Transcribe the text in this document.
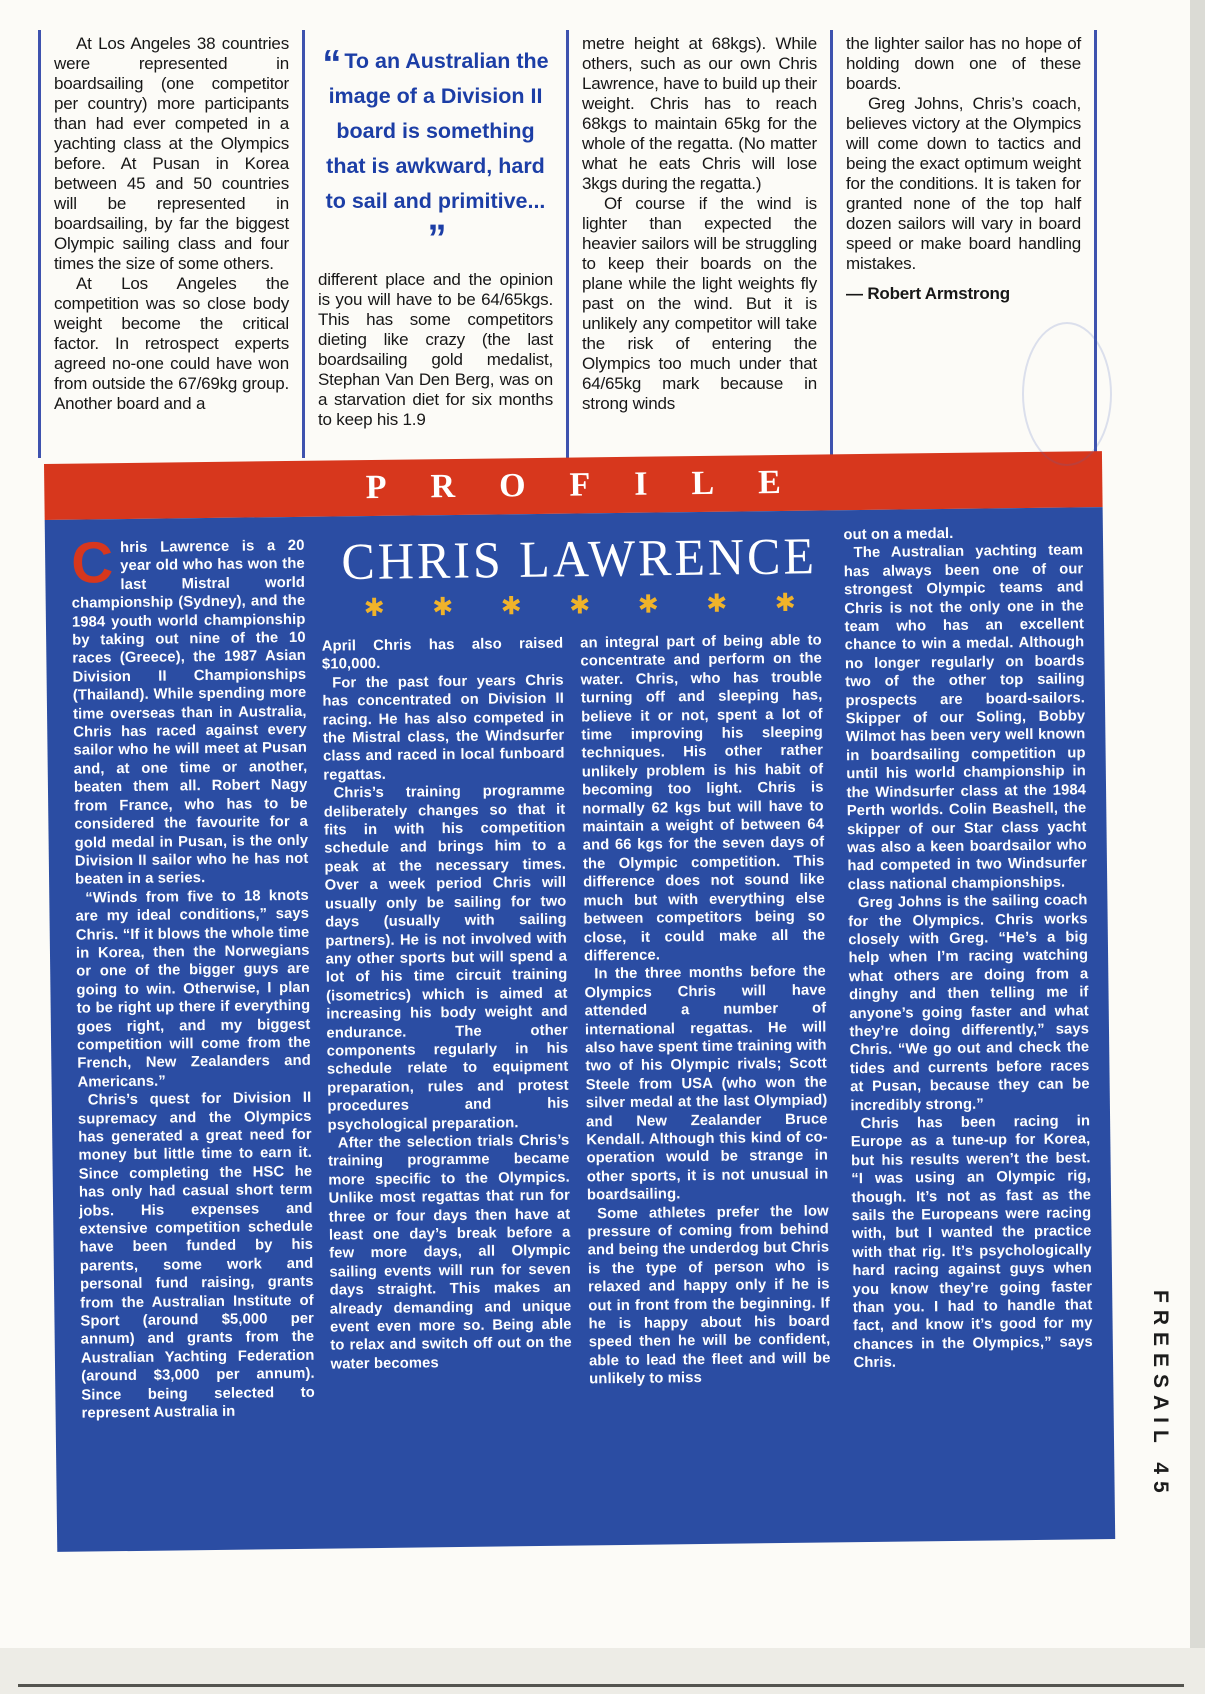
At Los Angeles 38 countries were represented in boardsailing (one competitor per country) more participants than had ever competed in a yachting class at the Olympics before. At Pusan in Korea between 45 and 50 countries will be represented in boardsailing, by far the biggest Olympic sailing class and four times the size of some others.

At Los Angeles the competition was so close body weight become the critical factor. In retrospect experts agreed no-one could have won from outside the 67/69kg group. Another board and a

“ To an Australian the image of a Division II board is something that is awkward, hard to sail and primitive... ”

different place and the opinion is you will have to be 64/65kgs. This has some competitors dieting like crazy (the last boardsailing gold medalist, Stephan Van Den Berg, was on a starvation diet for six months to keep his 1.9

metre height at 68kgs). While others, such as our own Chris Lawrence, have to build up their weight. Chris has to reach 68kgs to maintain 65kg for the whole of the regatta. (No matter what he eats Chris will lose 3kgs during the regatta.)

Of course if the wind is lighter than expected the heavier sailors will be struggling to keep their boards on the plane while the light weights fly past on the wind. But it is unlikely any competitor will take the risk of entering the Olympics too much under that 64/65kg mark because in strong winds

the lighter sailor has no hope of holding down one of these boards.

Greg Johns, Chris’s coach, believes victory at the Olympics will come down to tactics and being the exact optimum weight for the conditions. It is taken for granted none of the top half dozen sailors will vary in board speed or make board handling mistakes.

— Robert Armstrong

PROFILE

Chris Lawrence is a 20 year old who has won the last Mistral world championship (Sydney), and the 1984 youth world championship by taking out nine of the 10 races (Greece), the 1987 Asian Division II Championships (Thailand). While spending more time overseas than in Australia, Chris has raced against every sailor who he will meet at Pusan and, at one time or another, beaten them all. Robert Nagy from France, who has to be considered the favourite for a gold medal in Pusan, is the only Division II sailor who he has not beaten in a series.

“Winds from five to 18 knots are my ideal conditions,” says Chris. “If it blows the whole time in Korea, then the Norwegians or one of the bigger guys are going to win. Otherwise, I plan to be right up there if everything goes right, and my biggest competition will come from the French, New Zealanders and Americans.”

Chris’s quest for Division II supremacy and the Olympics has generated a great need for money but little time to earn it. Since completing the HSC he has only had casual short term jobs. His expenses and extensive competition schedule have been funded by his parents, some work and personal fund raising, grants from the Australian Institute of Sport (around $5,000 per annum) and grants from the Australian Yachting Federation (around $3,000 per annum). Since being selected to represent Australia in

CHRIS LAWRENCE
✱ ✱ ✱ ✱ ✱ ✱ ✱

April Chris has also raised $10,000.

For the past four years Chris has concentrated on Division II racing. He has also competed in the Mistral class, the Windsurfer class and raced in local funboard regattas.

Chris’s training programme deliberately changes so that it fits in with his competition schedule and brings him to a peak at the necessary times. Over a week period Chris will usually only be sailing for two days (usually with sailing partners). He is not involved with any other sports but will spend a lot of his time circuit training (isometrics) which is aimed at increasing his body weight and endurance. The other components regularly in his schedule relate to equipment preparation, rules and protest procedures and his psychological preparation.

After the selection trials Chris’s training programme became more specific to the Olympics. Unlike most regattas that run for three or four days then have at least one day’s break before a few more days, all Olympic sailing events will run for seven days straight. This makes an already demanding and unique event even more so. Being able to relax and switch off out on the water becomes

an integral part of being able to concentrate and perform on the water. Chris, who has trouble turning off and sleeping has, believe it or not, spent a lot of time improving his sleeping techniques. His other rather unlikely problem is his habit of becoming too light. Chris is normally 62 kgs but will have to maintain a weight of between 64 and 66 kgs for the seven days of the Olympic competition. This difference does not sound like much but with everything else between competitors being so close, it could make all the difference.

In the three months before the Olympics Chris will have attended a number of international regattas. He will also have spent time training with two of his Olympic rivals; Scott Steele from USA (who won the silver medal at the last Olympiad) and New Zealander Bruce Kendall. Although this kind of co-operation would be strange in other sports, it is not unusual in boardsailing.

Some athletes prefer the low pressure of coming from behind and being the underdog but Chris is the type of person who is relaxed and happy only if he is out in front from the beginning. If he is happy about his board speed then he will be confident, able to lead the fleet and will be unlikely to miss

out on a medal.

The Australian yachting team has always been one of our strongest Olympic teams and Chris is not the only one in the team who has an excellent chance to win a medal. Although no longer regularly on boards two of the other top sailing prospects are board-sailors. Skipper of our Soling, Bobby Wilmot has been very well known in boardsailing competition up until his world championship in the Windsurfer class at the 1984 Perth worlds. Colin Beashell, the skipper of our Star class yacht was also a keen boardsailor who had competed in two Windsurfer class national championships.

Greg Johns is the sailing coach for the Olympics. Chris works closely with Greg. “He’s a big help when I’m racing watching what others are doing from a dinghy and then telling me if anyone’s going faster and what they’re doing differently,” says Chris. “We go out and check the tides and currents before races at Pusan, because they can be incredibly strong.”

Chris has been racing in Europe as a tune-up for Korea, but his results weren’t the best. “I was using an Olympic rig, though. It’s not as fast as the sails the Europeans were racing with, but I wanted the practice with that rig. It’s psychologically hard racing against guys when you know they’re going faster than you. I had to handle that fact, and know it’s good for my chances in the Olympics,” says Chris.	FREESAIL 45
